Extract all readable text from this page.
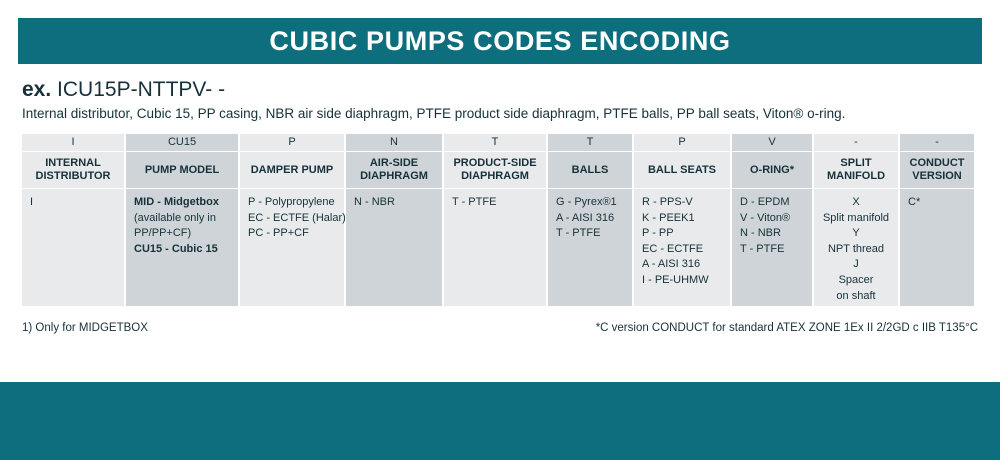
CUBIC PUMPS CODES ENCODING
ex. ICU15P-NTTPV- -
Internal distributor, Cubic 15, PP casing, NBR air side diaphragm, PTFE product side diaphragm, PTFE balls, PP ball seats, Viton® o-ring.
I
INTERNAL DISTRIBUTOR
I
CU15
PUMP MODEL
MID - Midgetbox
(available only in
PP/PP+CF)
CU15 - Cubic 15
P
DAMPER PUMP
P - Polypropylene
EC - ECTFE (Halar)
PC - PP+CF
N
AIR-SIDE DIAPHRAGM
N - NBR
T
PRODUCT-SIDE DIAPHRAGM
T - PTFE
T
BALLS
G - Pyrex®1
A - AISI 316
T - PTFE
P
BALL SEATS
R - PPS-V
K - PEEK1
P - PP
EC - ECTFE
A - AISI 316
I - PE-UHMW
V
O-RING*
D - EPDM
V - Viton®
N - NBR
T - PTFE
-
SPLIT MANIFOLD
X
Split manifold
Y
NPT thread
J
Spacer
on shaft
-
CONDUCT VERSION
C*
1) Only for MIDGETBOX	*C version CONDUCT for standard ATEX ZONE 1Ex II 2/2GD c IIB T135°C
